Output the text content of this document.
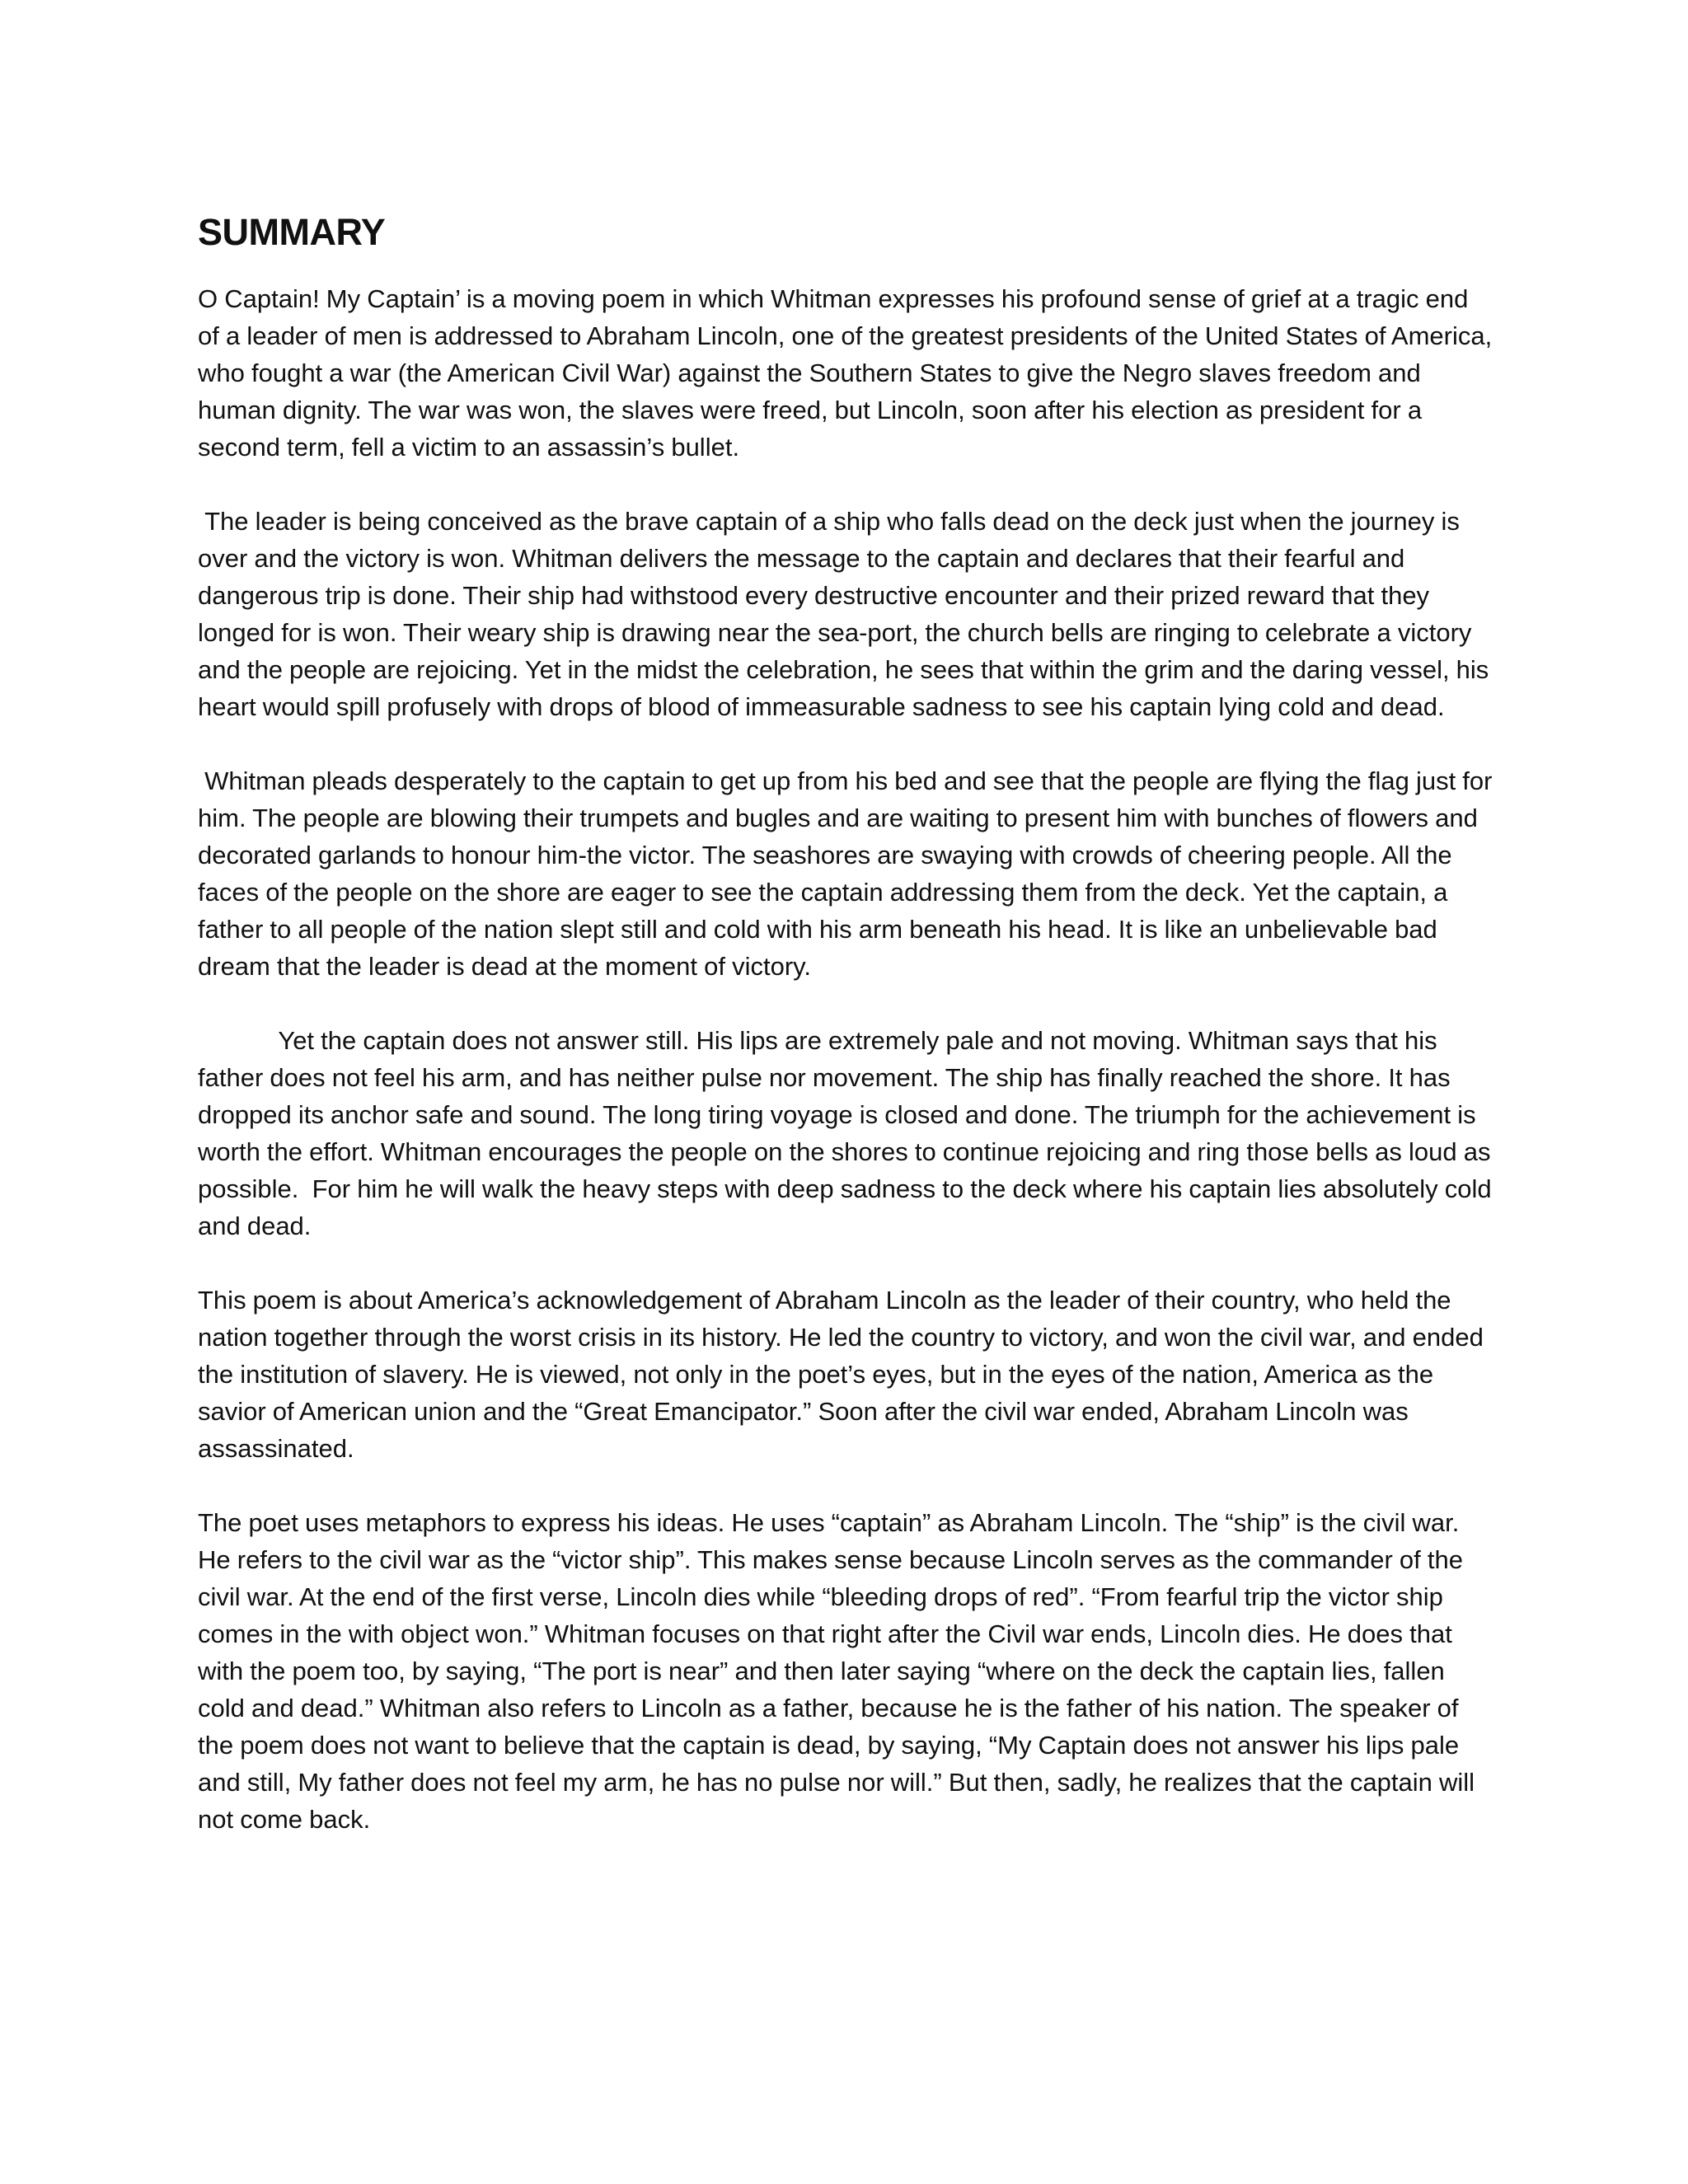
SUMMARY

O Captain! My Captain’ is a moving poem in which Whitman expresses his profound sense of grief at a tragic end of a leader of men is addressed to Abraham Lincoln, one of the greatest presidents of the United States of America, who fought a war (the American Civil War) against the Southern States to give the Negro slaves freedom and human dignity. The war was won, the slaves were freed, but Lincoln, soon after his election as president for a second term, fell a victim to an assassin’s bullet.

The leader is being conceived as the brave captain of a ship who falls dead on the deck just when the journey is over and the victory is won. Whitman delivers the message to the captain and declares that their fearful and dangerous trip is done. Their ship had withstood every destructive encounter and their prized reward that they longed for is won. Their weary ship is drawing near the sea-port, the church bells are ringing to celebrate a victory and the people are rejoicing. Yet in the midst the celebration, he sees that within the grim and the daring vessel, his heart would spill profusely with drops of blood of immeasurable sadness to see his captain lying cold and dead.

Whitman pleads desperately to the captain to get up from his bed and see that the people are flying the flag just for him. The people are blowing their trumpets and bugles and are waiting to present him with bunches of flowers and decorated garlands to honour him-the victor. The seashores are swaying with crowds of cheering people. All the faces of the people on the shore are eager to see the captain addressing them from the deck. Yet the captain, a father to all people of the nation slept still and cold with his arm beneath his head. It is like an unbelievable bad dream that the leader is dead at the moment of victory.

Yet the captain does not answer still. His lips are extremely pale and not moving. Whitman says that his father does not feel his arm, and has neither pulse nor movement. The ship has finally reached the shore. It has dropped its anchor safe and sound. The long tiring voyage is closed and done. The triumph for the achievement is worth the effort. Whitman encourages the people on the shores to continue rejoicing and ring those bells as loud as possible.  For him he will walk the heavy steps with deep sadness to the deck where his captain lies absolutely cold and dead.

This poem is about America’s acknowledgement of Abraham Lincoln as the leader of their country, who held the nation together through the worst crisis in its history. He led the country to victory, and won the civil war, and ended the institution of slavery. He is viewed, not only in the poet’s eyes, but in the eyes of the nation, America as the savior of American union and the “Great Emancipator.” Soon after the civil war ended, Abraham Lincoln was assassinated.

The poet uses metaphors to express his ideas. He uses “captain” as Abraham Lincoln. The “ship” is the civil war. He refers to the civil war as the “victor ship”. This makes sense because Lincoln serves as the commander of the civil war. At the end of the first verse, Lincoln dies while “bleeding drops of red”. “From fearful trip the victor ship comes in the with object won.” Whitman focuses on that right after the Civil war ends, Lincoln dies. He does that with the poem too, by saying, “The port is near” and then later saying “where on the deck the captain lies, fallen cold and dead.” Whitman also refers to Lincoln as a father, because he is the father of his nation. The speaker of the poem does not want to believe that the captain is dead, by saying, “My Captain does not answer his lips pale and still, My father does not feel my arm, he has no pulse nor will.” But then, sadly, he realizes that the captain will not come back.
